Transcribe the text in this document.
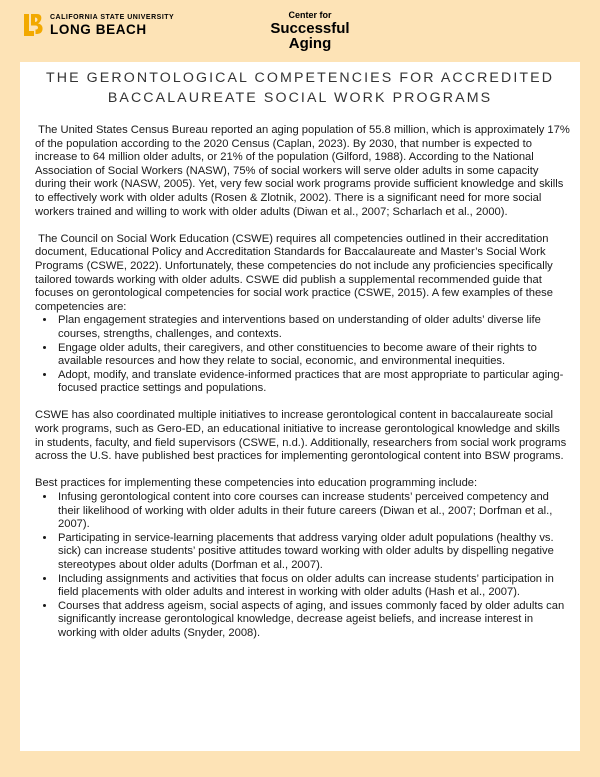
CALIFORNIA STATE UNIVERSITY
LONG BEACH
Center for
Successful
Aging
THE GERONTOLOGICAL COMPETENCIES FOR ACCREDITED
BACCALAUREATE SOCIAL WORK PROGRAMS

The United States Census Bureau reported an aging population of 55.8 million, which is approximately 17% of the population according to the 2020 Census (Caplan, 2023). By 2030, that number is expected to increase to 64 million older adults, or 21% of the population (Gilford, 1988). According to the National Association of Social Workers (NASW), 75% of social workers will serve older adults in some capacity during their work (NASW, 2005). Yet, very few social work programs provide sufficient knowledge and skills to effectively work with older adults (Rosen & Zlotnik, 2002). There is a significant need for more social workers trained and willing to work with older adults (Diwan et al., 2007; Scharlach et al., 2000).

The Council on Social Work Education (CSWE) requires all competencies outlined in their accreditation document, Educational Policy and Accreditation Standards for Baccalaureate and Master’s Social Work Programs (CSWE, 2022). Unfortunately, these competencies do not include any proficiencies specifically tailored towards working with older adults. CSWE did publish a supplemental recommended guide that focuses on gerontological competencies for social work practice (CSWE, 2015). A few examples of these competencies are:

• Plan engagement strategies and interventions based on understanding of older adults’ diverse life courses, strengths, challenges, and contexts.
• Engage older adults, their caregivers, and other constituencies to become aware of their rights to available resources and how they relate to social, economic, and environmental inequities.
• Adopt, modify, and translate evidence-informed practices that are most appropriate to particular aging-focused practice settings and populations.

CSWE has also coordinated multiple initiatives to increase gerontological content in baccalaureate social work programs, such as Gero-ED, an educational initiative to increase gerontological knowledge and skills in students, faculty, and field supervisors (CSWE, n.d.). Additionally, researchers from social work programs across the U.S. have published best practices for implementing gerontological content into BSW programs.

Best practices for implementing these competencies into education programming include:

• Infusing gerontological content into core courses can increase students’ perceived competency and their likelihood of working with older adults in their future careers (Diwan et al., 2007; Dorfman et al., 2007).
• Participating in service-learning placements that address varying older adult populations (healthy vs. sick) can increase students’ positive attitudes toward working with older adults by dispelling negative stereotypes about older adults (Dorfman et al., 2007).
• Including assignments and activities that focus on older adults can increase students’ participation in field placements with older adults and interest in working with older adults (Hash et al., 2007).
• Courses that address ageism, social aspects of aging, and issues commonly faced by older adults can significantly increase gerontological knowledge, decrease ageist beliefs, and increase interest in working with older adults (Snyder, 2008).
